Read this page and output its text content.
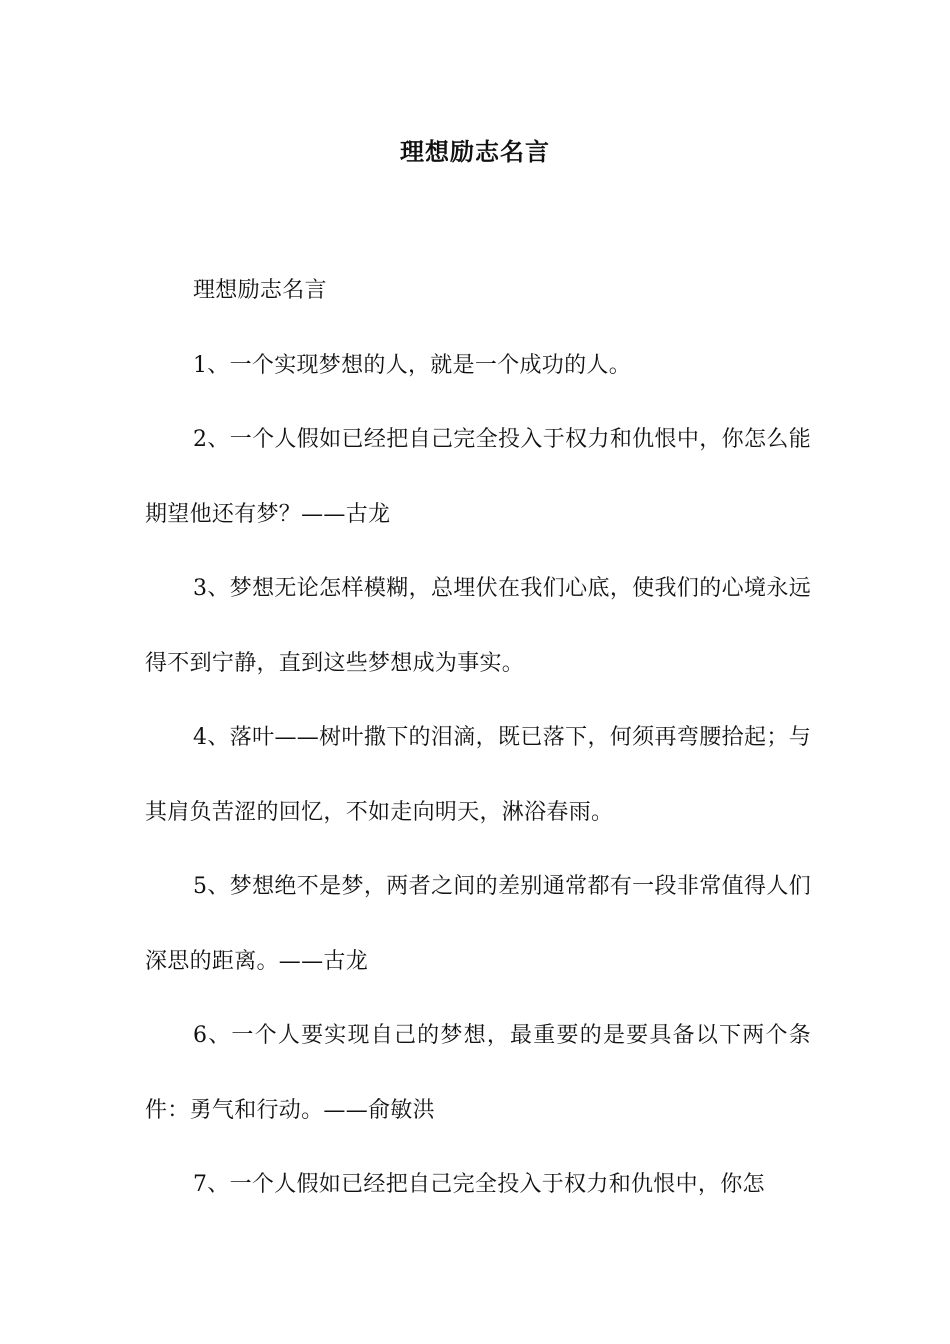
理想励志名言

理想励志名言

1、一个实现梦想的人，就是一个成功的人。

2、一个人假如已经把自己完全投入于权力和仇恨中，你怎么能期望他还有梦？——古龙

3、梦想无论怎样模糊，总埋伏在我们心底，使我们的心境永远得不到宁静，直到这些梦想成为事实。

4、落叶——树叶撒下的泪滴，既已落下，何须再弯腰拾起；与其肩负苦涩的回忆，不如走向明天，淋浴春雨。

5、梦想绝不是梦，两者之间的差别通常都有一段非常值得人们深思的距离。——古龙

6、一个人要实现自己的梦想，最重要的是要具备以下两个条件：勇气和行动。——俞敏洪

7、一个人假如已经把自己完全投入于权力和仇恨中，你怎
